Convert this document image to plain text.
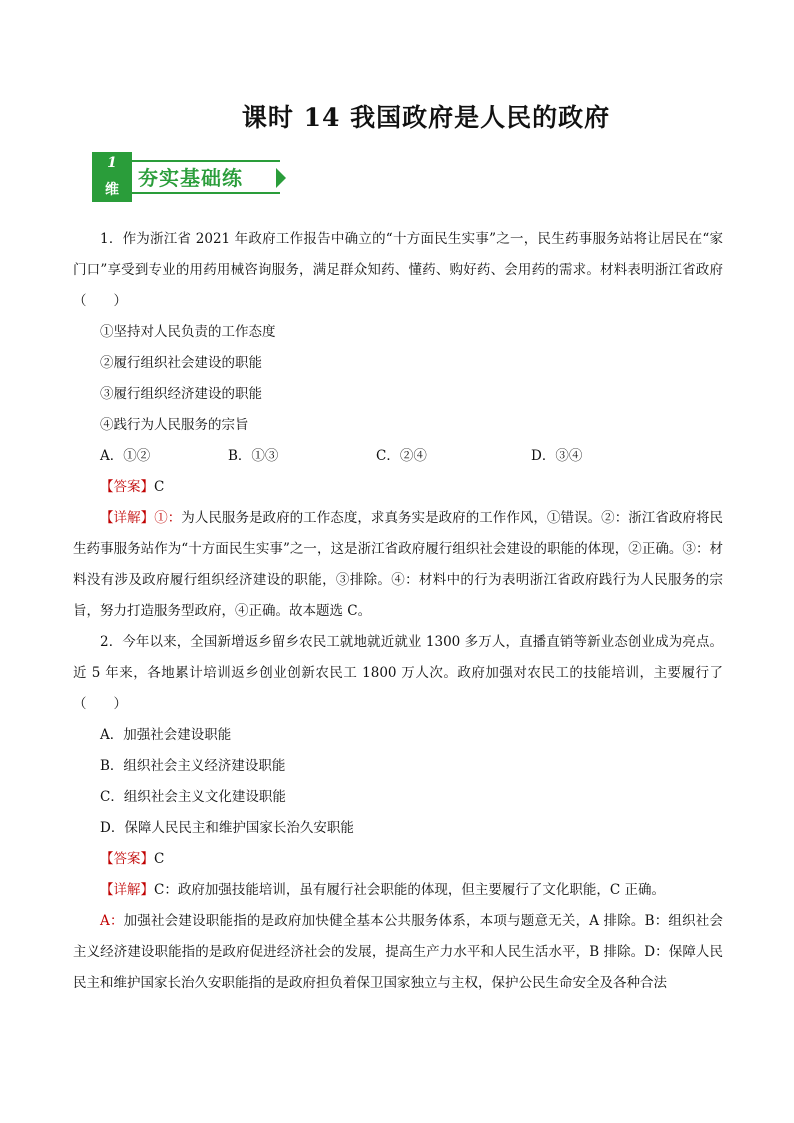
课时 14 我国政府是人民的政府
1
维 夯实基础练

1．作为浙江省 2021 年政府工作报告中确立的“十方面民生实事”之一，民生药事服务站将让居民在“家门口”享受到专业的用药用械咨询服务，满足群众知药、懂药、购好药、会用药的需求。材料表明浙江省政府（　　）

①坚持对人民负责的工作态度

②履行组织社会建设的职能

③履行组织经济建设的职能

④践行为人民服务的宗旨

A．①②	B．①③	C．②④	D．③④

【答案】C

【详解】①：为人民服务是政府的工作态度，求真务实是政府的工作作风，①错误。②：浙江省政府将民生药事服务站作为“十方面民生实事”之一，这是浙江省政府履行组织社会建设的职能的体现，②正确。③：材料没有涉及政府履行组织经济建设的职能，③排除。④：材料中的行为表明浙江省政府践行为人民服务的宗旨，努力打造服务型政府，④正确。故本题选 C。

2．今年以来，全国新增返乡留乡农民工就地就近就业 1300 多万人，直播直销等新业态创业成为亮点。近 5 年来，各地累计培训返乡创业创新农民工 1800 万人次。政府加强对农民工的技能培训，主要履行了（　　）

A．加强社会建设职能

B．组织社会主义经济建设职能

C．组织社会主义文化建设职能

D．保障人民民主和维护国家长治久安职能

【答案】C

【详解】C：政府加强技能培训，虽有履行社会职能的体现，但主要履行了文化职能，C 正确。

A：加强社会建设职能指的是政府加快健全基本公共服务体系，本项与题意无关，A 排除。B：组织社会主义经济建设职能指的是政府促进经济社会的发展，提高生产力水平和人民生活水平，B 排除。D：保障人民民主和维护国家长治久安职能指的是政府担负着保卫国家独立与主权，保护公民生命安全及各种合法
